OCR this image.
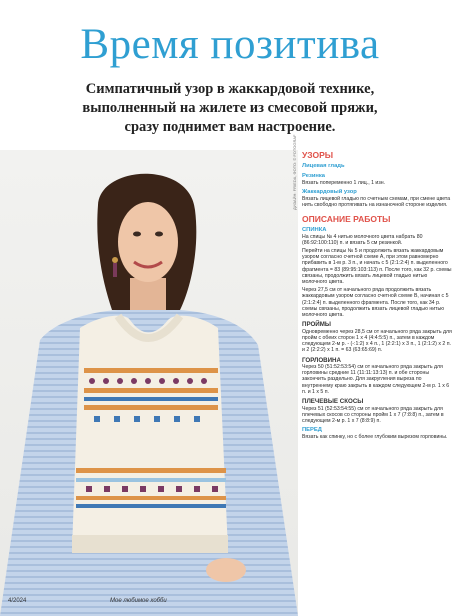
Время позитива
Симпатичный узор в жаккардовой технике,
выполненный на жилете из смесовой пряжи,
сразу поднимет вам настроение.
ДИЗАЙН: FRIEDA, ФОТО: © FOTOGRAF УЗОРЫ
Лицевая гладь
Резинка
Вязать попеременно 1 лиц., 1 изн.
Жаккардовый узор
Вязать лицевой гладью по счетным схемам, при смене цвета нить свободно протягивать на изнаночной стороне изделия.
ОПИСАНИЕ РАБОТЫ
СПИНКА
На спицы № 4 нитью молочного цвета набрать 80 (86:92:100:110) п. и вязать 5 см резинкой.
Перейти на спицы № 5 и продолжить вязать жаккардовым узором согласно счетной схеме А, при этом равномерно прибавить в 1-м р. 3 п., и начать с 5 (2:1:2:4) п. выделенного фрагмента = 83 (89:95:103:113) п. После того, как 32 р. схемы связаны, продолжить вязать лицевой гладью нитью молочного цвета.
Через 27,5 см от начального ряда продолжить вязать жаккардовым узором согласно счетной схеме В, начиная с 5 (2:1:2:4) п. выделенного фрагмента. После того, как 34 р. схемы связаны, продолжить вязать лицевой гладью нитью молочного цвета.
ПРОЙМЫ
Одновременно через 28,5 см от начального ряда закрыть для пройм с обеих сторон 1 х 4 (4:4:5:5) п., затем в каждом следующем 2-м р. - (-:1:2) х 4 п., 1 (2:2:1) х 3 п., 1 (2:1:2) х 2 п. и 2 (2:2:2) х 1 п. = 63 (63:65:69) п.
ГОРЛОВИНА
Через 50 (51:52:53:54) см от начального ряда закрыть для горловины средние 11 (11:11:13:13) п. и обе стороны закончить раздельно. Для закругления выреза по внутреннему краю закрыть в каждом следующем 2-м р. 1 х 6 п. и 1 х 5 п.
ПЛЕЧЕВЫЕ СКОСЫ
Через 51 (52:53:54:55) см от начального ряда закрыть для плечевых скосов со стороны пройм 1 х 7 (7:8:8) п., затем в следующем 2-м р. 1 х 7 (8:8:9) п.
ПЕРЕД
Вязать как спинку, но с более глубоким вырезом горловины.
4/2024	Мое любимое хобби
www.PassionForum.ru
